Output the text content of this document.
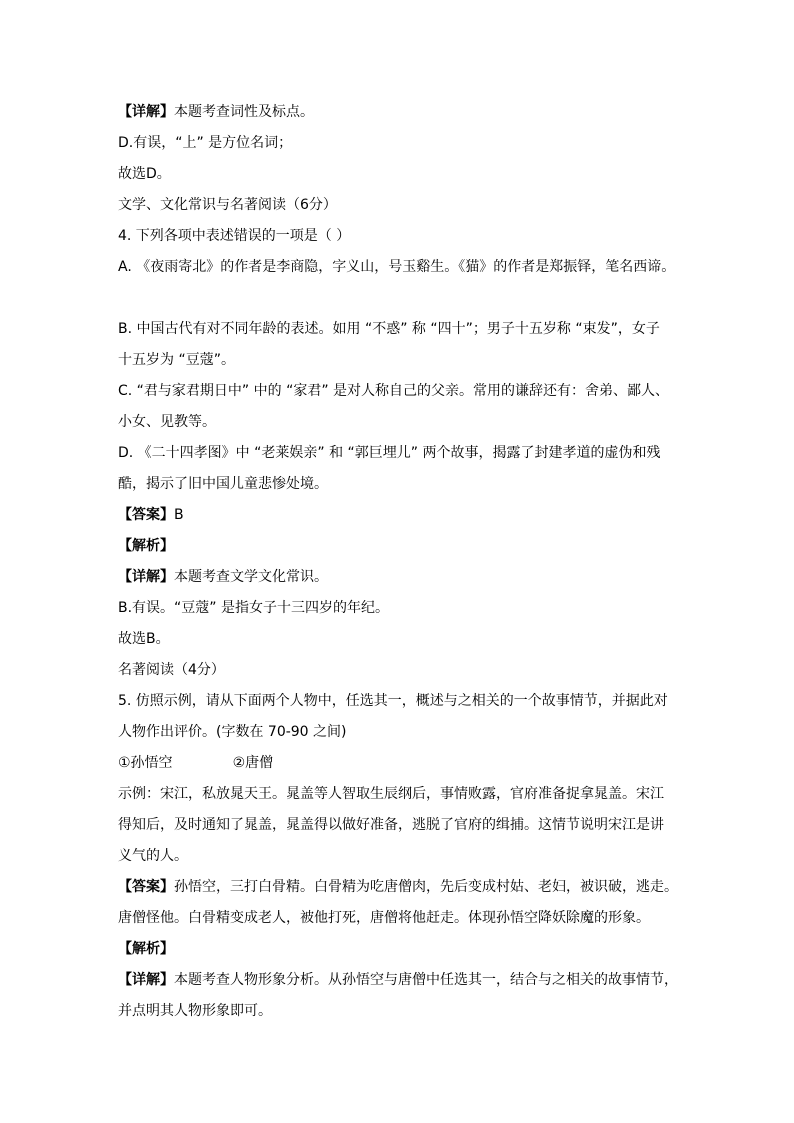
【详解】本题考查词性及标点。
D.有误，“上” 是方位名词；
故选D。
文学、文化常识与名著阅读（6分）
4. 下列各项中表述错误的一项是（ ）
A. 《夜雨寄北》的作者是李商隐，字义山，号玉谿生。《猫》的作者是郑振铎，笔名西谛。
B. 中国古代有对不同年龄的表述。如用 “不惑” 称 “四十”；男子十五岁称 “束发”，女子
十五岁为 “豆蔻”。
C. “君与家君期日中” 中的 “家君” 是对人称自己的父亲。常用的谦辞还有：舍弟、鄙人、
小女、见教等。
D. 《二十四孝图》中 “老莱娱亲” 和 “郭巨埋儿” 两个故事，揭露了封建孝道的虚伪和残
酷，揭示了旧中国儿童悲惨处境。
【答案】B
【解析】
【详解】本题考查文学文化常识。
B.有误。“豆蔻” 是指女子十三四岁的年纪。
故选B。
名著阅读（4分）
5. 仿照示例，请从下面两个人物中，任选其一，概述与之相关的一个故事情节，并据此对
人物作出评价。(字数在 70-90 之间)
①孙悟空	②唐僧
示例：宋江，私放晁天王。晁盖等人智取生辰纲后，事情败露，官府准备捉拿晁盖。宋江
得知后，及时通知了晁盖，晁盖得以做好准备，逃脱了官府的缉捕。这情节说明宋江是讲
义气的人。
【答案】孙悟空，三打白骨精。白骨精为吃唐僧肉，先后变成村姑、老妇，被识破，逃走。
唐僧怪他。白骨精变成老人，被他打死，唐僧将他赶走。体现孙悟空降妖除魔的形象。
【解析】
【详解】本题考查人物形象分析。从孙悟空与唐僧中任选其一，结合与之相关的故事情节，
并点明其人物形象即可。
